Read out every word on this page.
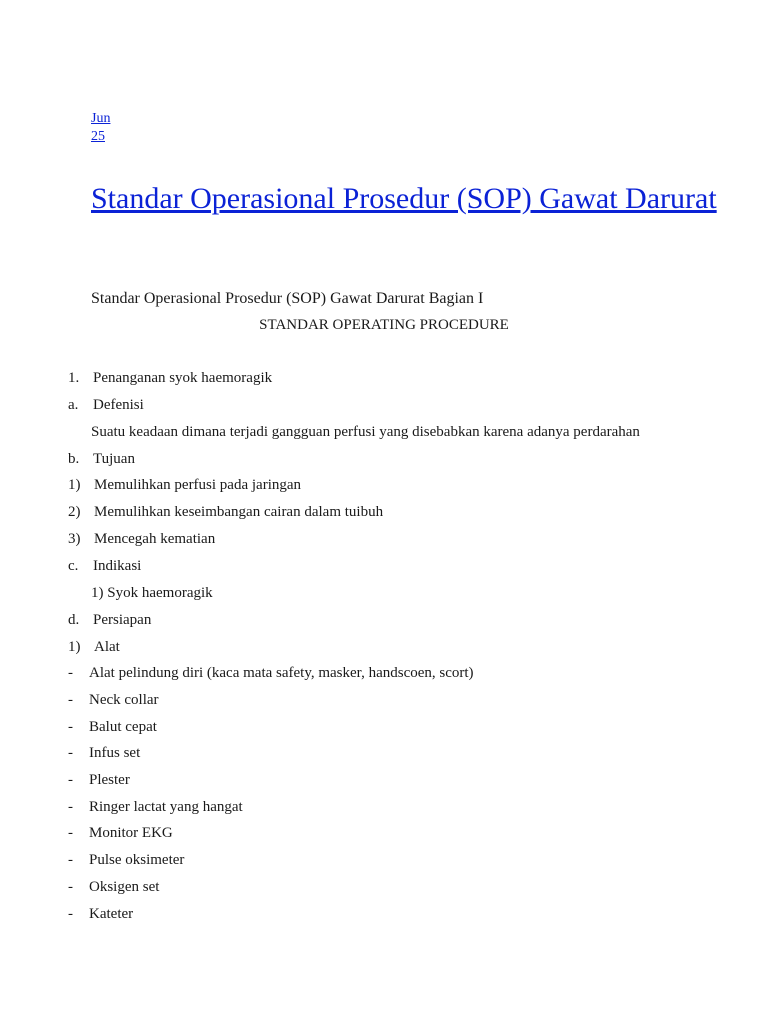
Jun
25
Standar Operasional Prosedur (SOP) Gawat Darurat

Standar Operasional Prosedur (SOP) Gawat Darurat Bagian I

STANDAR OPERATING PROCEDURE

1. Penanganan syok haemoragik
a. Defenisi
Suatu keadaan dimana terjadi gangguan perfusi yang disebabkan karena adanya perdarahan
b. Tujuan
1) Memulihkan perfusi pada jaringan
2) Memulihkan keseimbangan cairan dalam tuibuh
3) Mencegah kematian
c. Indikasi
1) Syok haemoragik
d. Persiapan
1) Alat
- Alat pelindung diri (kaca mata safety, masker, handscoen, scort)
- Neck collar
- Balut cepat
- Infus set
- Plester
- Ringer lactat yang hangat
- Monitor EKG
- Pulse oksimeter
- Oksigen set
- Kateter
